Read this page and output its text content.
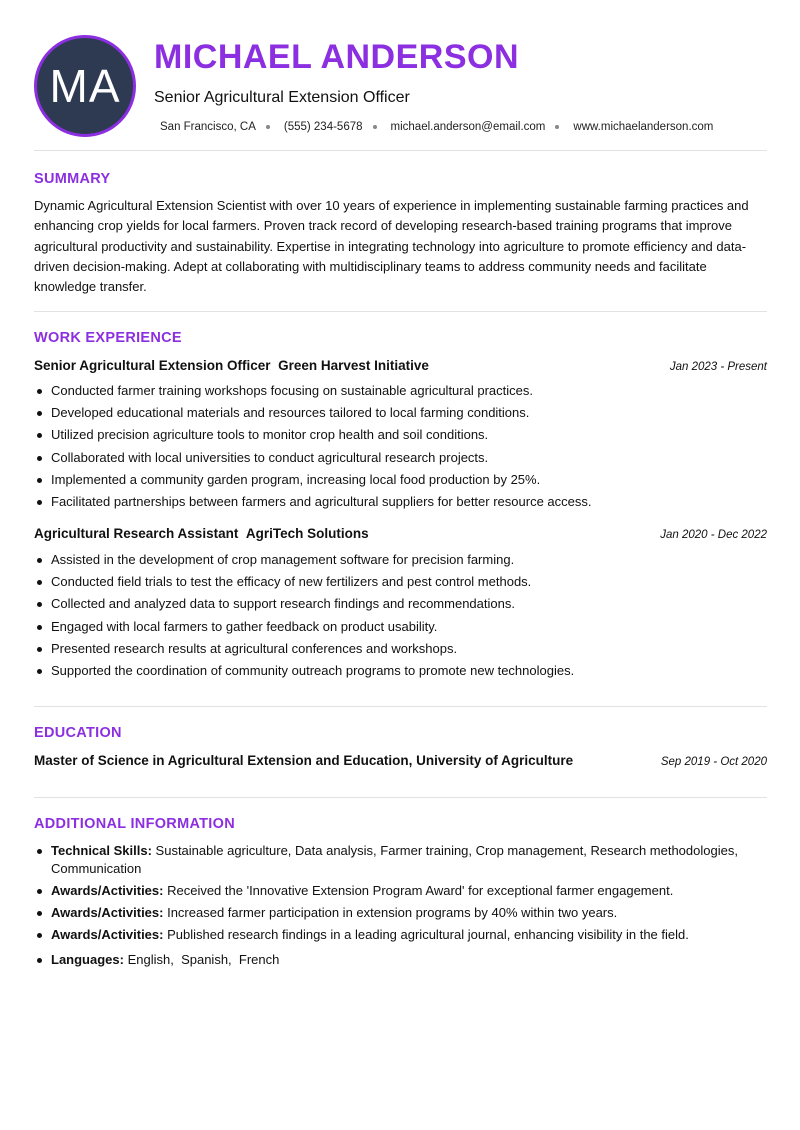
MA
MICHAEL ANDERSON
Senior Agricultural Extension Officer
San Francisco, CA (555) 234-5678 michael.anderson@email.com www.michaelanderson.com
SUMMARY

Dynamic Agricultural Extension Scientist with over 10 years of experience in implementing sustainable farming practices and enhancing crop yields for local farmers. Proven track record of developing research-based training programs that improve agricultural productivity and sustainability. Expertise in integrating technology into agriculture to promote efficiency and data-driven decision-making. Adept at collaborating with multidisciplinary teams to address community needs and facilitate knowledge transfer.

WORK EXPERIENCE
Senior Agricultural Extension Officer Green Harvest Initiative	Jan 2023 - Present
Conducted farmer training workshops focusing on sustainable agricultural practices.
Developed educational materials and resources tailored to local farming conditions.
Utilized precision agriculture tools to monitor crop health and soil conditions.
Collaborated with local universities to conduct agricultural research projects.
Implemented a community garden program, increasing local food production by 25%.
Facilitated partnerships between farmers and agricultural suppliers for better resource access.
Agricultural Research Assistant AgriTech Solutions	Jan 2020 - Dec 2022
Assisted in the development of crop management software for precision farming.
Conducted field trials to test the efficacy of new fertilizers and pest control methods.
Collected and analyzed data to support research findings and recommendations.
Engaged with local farmers to gather feedback on product usability.
Presented research results at agricultural conferences and workshops.
Supported the coordination of community outreach programs to promote new technologies.
EDUCATION
Master of Science in Agricultural Extension and Education, University of Agriculture	Sep 2019 - Oct 2020
ADDITIONAL INFORMATION
Technical Skills: Sustainable agriculture, Data analysis, Farmer training, Crop management, Research methodologies, Communication
Awards/Activities: Received the 'Innovative Extension Program Award' for exceptional farmer engagement.
Awards/Activities: Increased farmer participation in extension programs by 40% within two years.
Awards/Activities: Published research findings in a leading agricultural journal, enhancing visibility in the field.
Languages: English,  Spanish,  French
